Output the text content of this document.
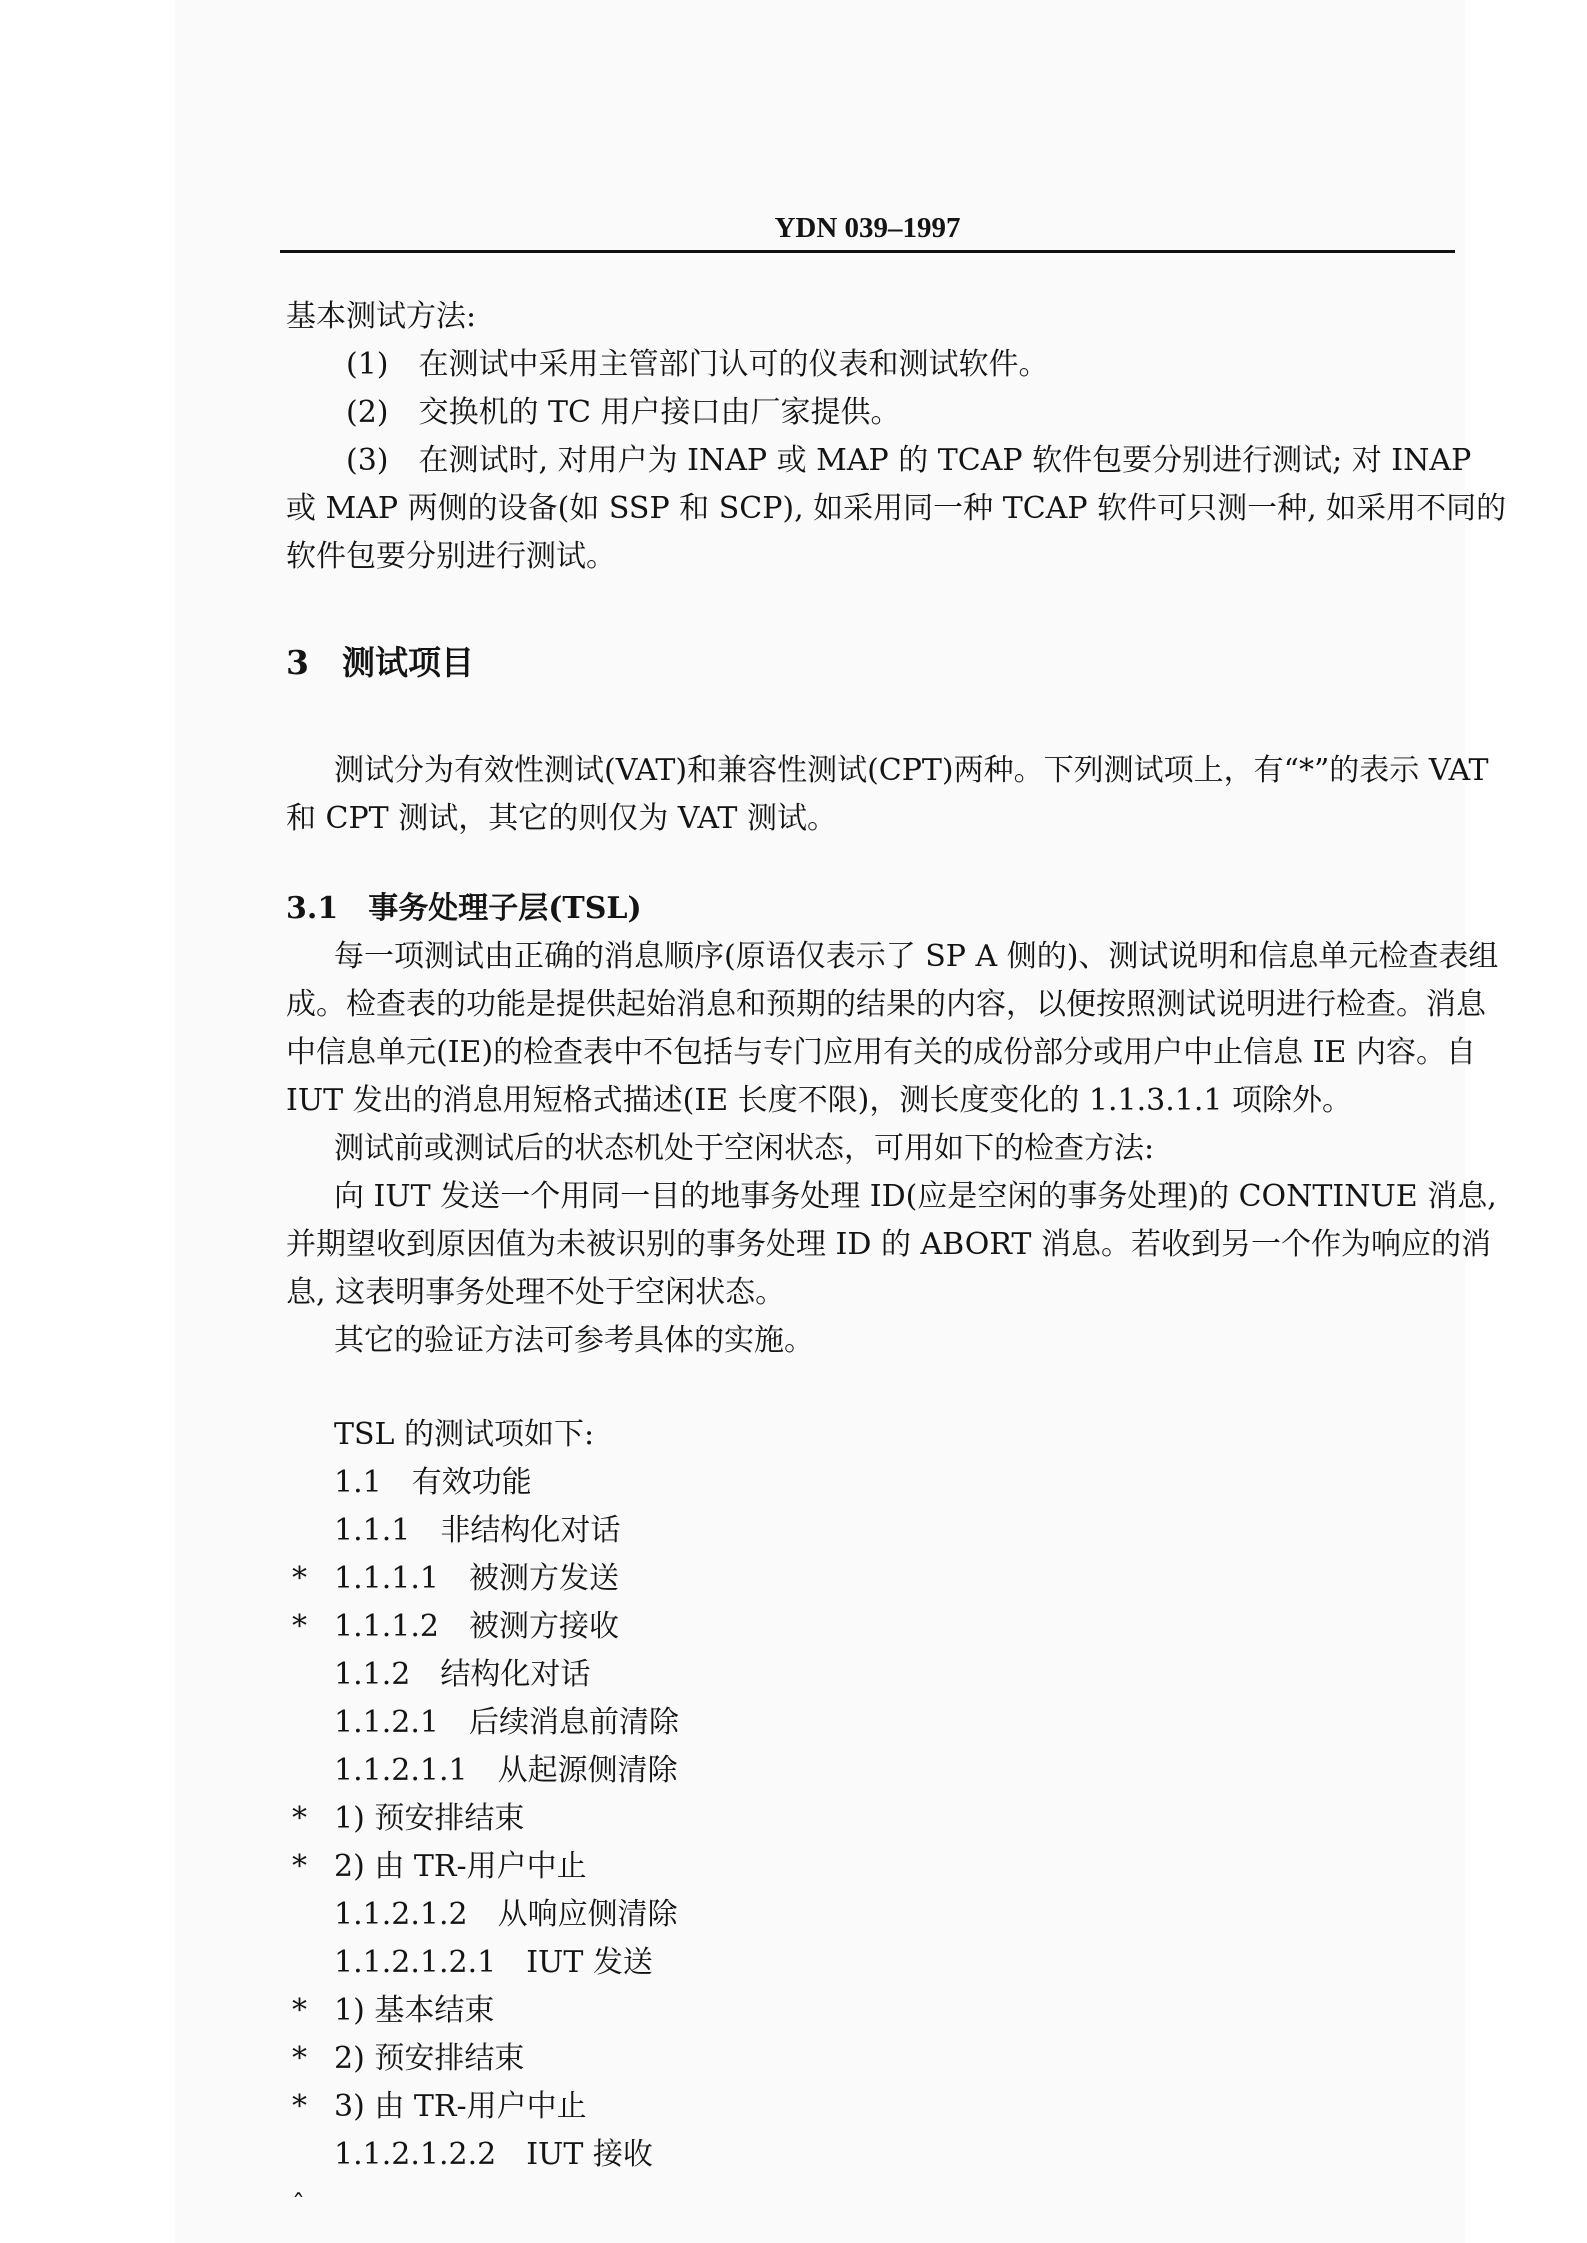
YDN 039–1997
基本测试方法:
(1)　在测试中采用主管部门认可的仪表和测试软件。
(2)　交换机的 TC 用户接口由厂家提供。
(3)　在测试时, 对用户为 INAP 或 MAP 的 TCAP 软件包要分别进行测试; 对 INAP
或 MAP 两侧的设备(如 SSP 和 SCP), 如采用同一种 TCAP 软件可只测一种, 如采用不同的
软件包要分别进行测试。
3　测试项目
测试分为有效性测试(VAT)和兼容性测试(CPT)两种。下列测试项上，有“*”的表示 VAT
和 CPT 测试，其它的则仅为 VAT 测试。
3.1　事务处理子层(TSL)
每一项测试由正确的消息顺序(原语仅表示了 SP A 侧的)、测试说明和信息单元检查表组
成。检查表的功能是提供起始消息和预期的结果的内容，以便按照测试说明进行检查。消息
中信息单元(IE)的检查表中不包括与专门应用有关的成份部分或用户中止信息 IE 内容。自
IUT 发出的消息用短格式描述(IE 长度不限)，测长度变化的 1.1.3.1.1 项除外。
测试前或测试后的状态机处于空闲状态，可用如下的检查方法:
向 IUT 发送一个用同一目的地事务处理 ID(应是空闲的事务处理)的 CONTINUE 消息,
并期望收到原因值为未被识别的事务处理 ID 的 ABORT 消息。若收到另一个作为响应的消
息, 这表明事务处理不处于空闲状态。
其它的验证方法可参考具体的实施。
TSL 的测试项如下:
1.1　有效功能
1.1.1　非结构化对话
* 1.1.1.1　被测方发送
* 1.1.1.2　被测方接收
1.1.2　结构化对话
1.1.2.1　后续消息前清除
1.1.2.1.1　从起源侧清除
* 1) 预安排结束
* 2) 由 TR-用户中止
1.1.2.1.2　从响应侧清除
1.1.2.1.2.1　IUT 发送
* 1) 基本结束
* 2) 预安排结束
* 3) 由 TR-用户中止
1.1.2.1.2.2　IUT 接收
ˆ
